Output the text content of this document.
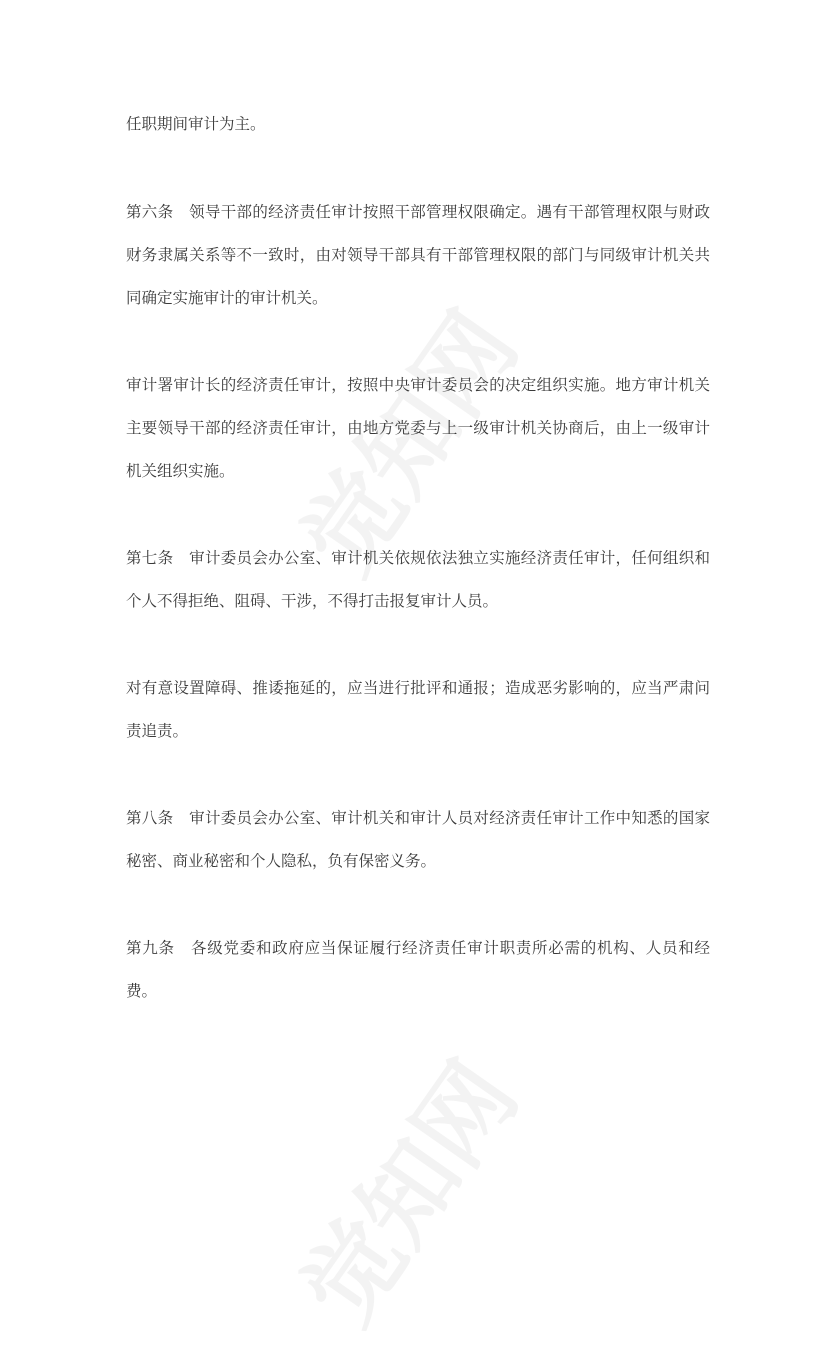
任职期间审计为主。

第六条　领导干部的经济责任审计按照干部管理权限确定。遇有干部管理权限与财政财务隶属关系等不一致时，由对领导干部具有干部管理权限的部门与同级审计机关共同确定实施审计的审计机关。

审计署审计长的经济责任审计，按照中央审计委员会的决定组织实施。地方审计机关主要领导干部的经济责任审计，由地方党委与上一级审计机关协商后，由上一级审计机关组织实施。

第七条　审计委员会办公室、审计机关依规依法独立实施经济责任审计，任何组织和个人不得拒绝、阻碍、干涉，不得打击报复审计人员。

对有意设置障碍、推诿拖延的，应当进行批评和通报；造成恶劣影响的，应当严肃问责追责。

第八条　审计委员会办公室、审计机关和审计人员对经济责任审计工作中知悉的国家秘密、商业秘密和个人隐私，负有保密义务。

第九条　各级党委和政府应当保证履行经济责任审计职责所必需的机构、人员和经费。
